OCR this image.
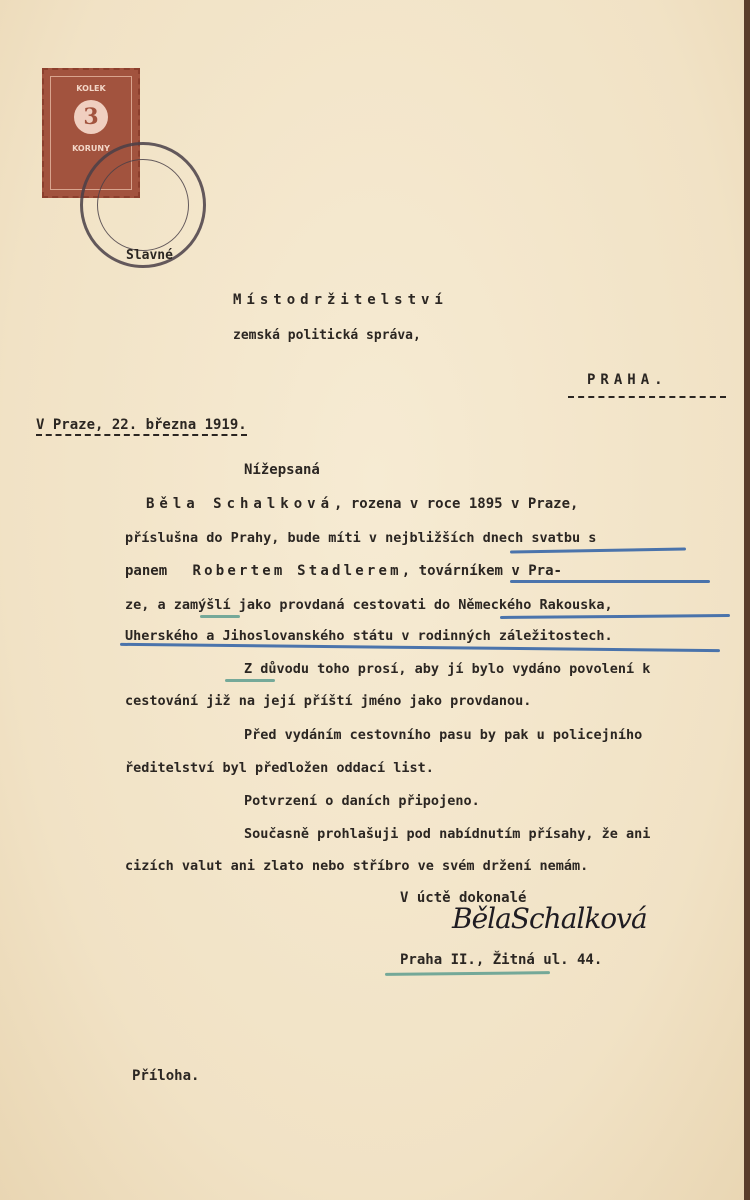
KOLEK
3
KORUNY
Slavné
Místodržitelství
zemská politická správa,
PRAHA.
V Praze, 22. března 1919.
Nížepsaná
Běla Schalková, rozena v roce 1895 v Praze,
příslušna do Prahy, bude míti v nejbližších dnech svatbu s
panem Robertem Stadlerem, továrníkem v Pra-
ze, a zamýšlí jako provdaná cestovati do Německého Rakouska,
Uherského a Jihoslovanského státu v rodinných záležitostech.
Z důvodu toho prosí, aby jí bylo vydáno povolení k
cestování již na její příští jméno jako provdanou.
Před vydáním cestovního pasu by pak u policejního
ředitelství byl předložen oddací list.
Potvrzení o daních připojeno.
Současně prohlašuji pod nabídnutím přísahy, že ani
cizích valut ani zlato nebo stříbro ve svém držení nemám.
V úctě dokonalé
BělaSchalková
Praha II., Žitná ul. 44.
Příloha.
